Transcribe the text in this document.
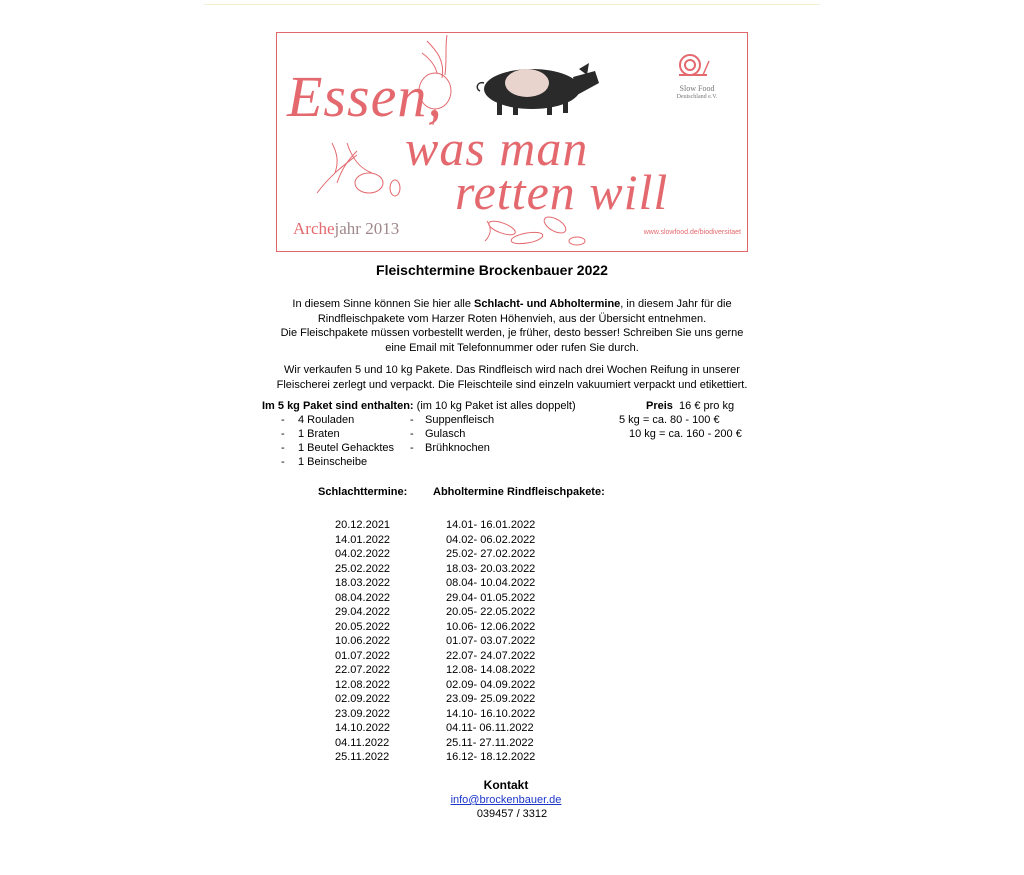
Essen,
was man
retten will
Archejahr 2013	www.slowfood.de/biodiversitaet
Slow Food
Deutschland e.V.
Fleischtermine Brockenbauer 2022
In diesem Sinne können Sie hier alle Schlacht- und Abholtermine, in diesem Jahr für die
Rindfleischpakete vom Harzer Roten Höhenvieh, aus der Übersicht entnehmen.
Die Fleischpakete müssen vorbestellt werden, je früher, desto besser! Schreiben Sie uns gerne
eine Email mit Telefonnummer oder rufen Sie durch.
Wir verkaufen 5 und 10 kg Pakete. Das Rindfleisch wird nach drei Wochen Reifung in unserer
Fleischerei zerlegt und verpackt. Die Fleischteile sind einzeln vakuumiert verpackt und etikettiert.
Im 5 kg Paket sind enthalten: (im 10 kg Paket ist alles doppelt)
- 4 Rouladen
- 1 Braten
- 1 Beutel Gehacktes
- 1 Beinscheibe
- Suppenfleisch
- Gulasch
- Brühknochen
Preis 16 € pro kg
5 kg = ca. 80 - 100 €
10 kg = ca. 160 - 200 €
Schlachttermine: Abholtermine Rindfleischpakete:
20.12.2021
14.01.2022
04.02.2022
25.02.2022
18.03.2022
08.04.2022
29.04.2022
20.05.2022
10.06.2022
01.07.2022
22.07.2022
12.08.2022
02.09.2022
23.09.2022
14.10.2022
04.11.2022
25.11.2022
14.01- 16.01.2022
04.02- 06.02.2022
25.02- 27.02.2022
18.03- 20.03.2022
08.04- 10.04.2022
29.04- 01.05.2022
20.05- 22.05.2022
10.06- 12.06.2022
01.07- 03.07.2022
22.07- 24.07.2022
12.08- 14.08.2022
02.09- 04.09.2022
23.09- 25.09.2022
14.10- 16.10.2022
04.11- 06.11.2022
25.11- 27.11.2022
16.12- 18.12.2022
Kontakt
info@brockenbauer.de
039457 / 3312
